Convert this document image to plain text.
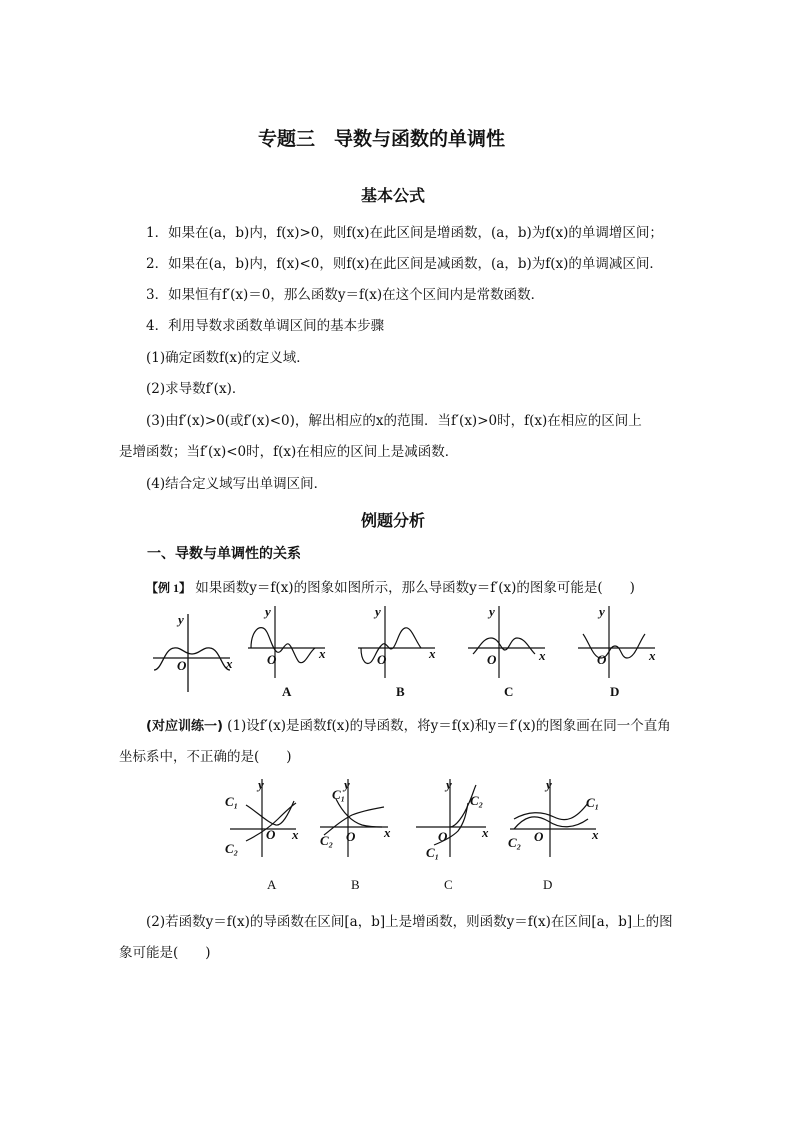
专题三　导数与函数的单调性
基本公式
1．如果在(a，b)内，f(x)>0，则f(x)在此区间是增函数，(a，b)为f(x)的单调增区间；
2．如果在(a，b)内，f(x)<0，则f(x)在此区间是减函数，(a，b)为f(x)的单调减区间．
3．如果恒有f′(x)＝0，那么函数y＝f(x)在这个区间内是常数函数．
4．利用导数求函数单调区间的基本步骤
(1)确定函数f(x)的定义域．
(2)求导数f′(x)．
(3)由f′(x)>0(或f′(x)<0)，解出相应的x的范围．当f′(x)>0时，f(x)在相应的区间上
是增函数；当f′(x)<0时，f(x)在相应的区间上是减函数．
(4)结合定义域写出单调区间．
例题分析
一、导数与单调性的关系
【例 1】 如果函数y＝f(x)的图象如图所示，那么导函数y＝f′(x)的图象可能是(　　)
y
x
O
y
x
O
A
y
x
O
B
y
x
O
C
y
x
O
D
(对应训练一) (1)设f′(x)是函数f(x)的导函数，将y＝f(x)和y＝f′(x)的图象画在同一个直角
坐标系中，不正确的是(　　)
y
x
O
C₁
C₂
A
y
x
O
C₁
C₂
B
y
x
O
C₂
C₁
C
y
x
O
C₁
C₂
D
(2)若函数y＝f(x)的导函数在区间[a，b]上是增函数，则函数y＝f(x)在区间[a，b]上的图
象可能是(　　)
